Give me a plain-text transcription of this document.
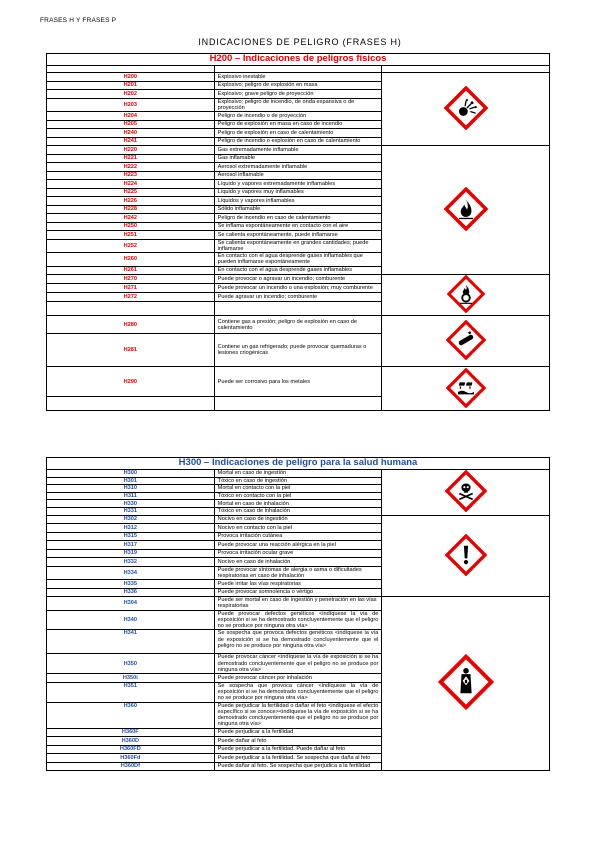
FRASES H Y FRASES P
INDICACIONES DE PELIGRO (FRASES H)
H200 – Indicaciones de peligros físicos		

H200	Explosivo inestable	
H201	Explosivo; peligro de explosión en masa	
H202	Explosivo; grave peligro de proyección	
H203	Explosivo; peligro de incendio, de onda expansiva o de proyección	
H204	Peligro de incendio o de proyección	
H205	Peligro de explosión en masa en caso de incendio	
H240	Peligro de explosión en caso de calentamiento	
H241	Peligro de incendio o explosión en caso de calentamiento	
H220	Gas extremadamente inflamable	
H221	Gas inflamable	
H222	Aerosol extremadamente inflamable	
H223	Aerosol inflamable	
H224	Líquido y vapores extremadamente inflamables	
H225	Líquido y vapores muy inflamables	
H226	Líquidos y vapores inflamables	
H228	Sólido inflamable	
H242	Peligro de incendio en caso de calentamiento	
H250	Se inflama espontáneamente en contacto con el aire	
H251	Se calienta espontáneamente, puede inflamarse	
H252	Se calienta espontáneamente en grandes cantidades; puede inflamarse	
H260	En contacto con el agua desprende gases inflamables que pueden inflamarse espontáneamente	
H261	En contacto con el agua desprende gases inflamables	
H270	Puede provocar o agravar un incendio; comburente	
H271	Puede provocar un incendio o una explosión; muy comburente	
H272	Puede agravar un incendio; comburente	

H280	Contiene gas a presión; peligro de explosión en caso de calentamiento	
H281	Contiene un gas refrigerado; puede provocar quemaduras o lesiones criogénicas	
H290	Puede ser corrosivo para los metales	

H300 – Indicaciones de peligro para la salud humana		
H300	Mortal en caso de ingestión	
H301	Tóxico en caso de ingestión	
H310	Mortal en contacto con la piel	
H311	Tóxico en contacto con la piel	
H330	Mortal en caso de inhalación	
H331	Tóxico en caso de inhalación	
H302	Nocivo en caso de ingestión	
H312	Nocivo en contacto con la piel	
H315	Provoca irritación cutánea	
H317	Puede provocar una reacción alérgica en la piel	
H319	Provoca irritación ocular grave	
H332	Nocivo en caso de inhalación	
H334	Puede provocar síntomas de alergia o asma o dificultades respiratorias en caso de inhalación	
H335	Puede irritar las vías respiratorias	
H336	Puede provocar somnolencia o vértigo	
H304	Puede ser mortal en caso de ingestión y penetración en las vías respiratorias	
H340	Puede provocar defectos genéticos <indíquese la vía de exposición si se ha demostrado concluyentemente que el peligro no se produce por ninguna otra vía>	
H341	Se sospecha que provoca defectos genéticos <indíquese la vía de exposición si se ha demostrado concluyentemente que el peligro no se produce por ninguna otra vía>	
H350	Puede provocar cáncer <indíquese la vía de exposición si se ha demostrado concluyentemente que el peligro no se produce por ninguna otra vía>	
H350i	Puede provocar cáncer por inhalación	
H351	Se sospecha que provoca cáncer <indíquese la vía de exposición si se ha demostrado concluyentemente que el peligro no se produce por ninguna otra vía>	
H360	Puede perjudicar la fertilidad o dañar el feto <indíquese el efecto específico si se conoce><indíquese la vía de exposición si se ha demostrado concluyentemente que el peligro no se produce por ninguna otra vía>	
H360F	Puede perjudicar a la fertilidad	
H360D	Puede dañar al feto	
H360FD	Puede perjudicar a la fertilidad. Puede dañar al feto	
H360Fd	Puede perjudicar a la fertilidad. Se sospecha que daña al feto	
H360Df	Puede dañar al feto. Se sospecha que perjudica a la fertilidad	
